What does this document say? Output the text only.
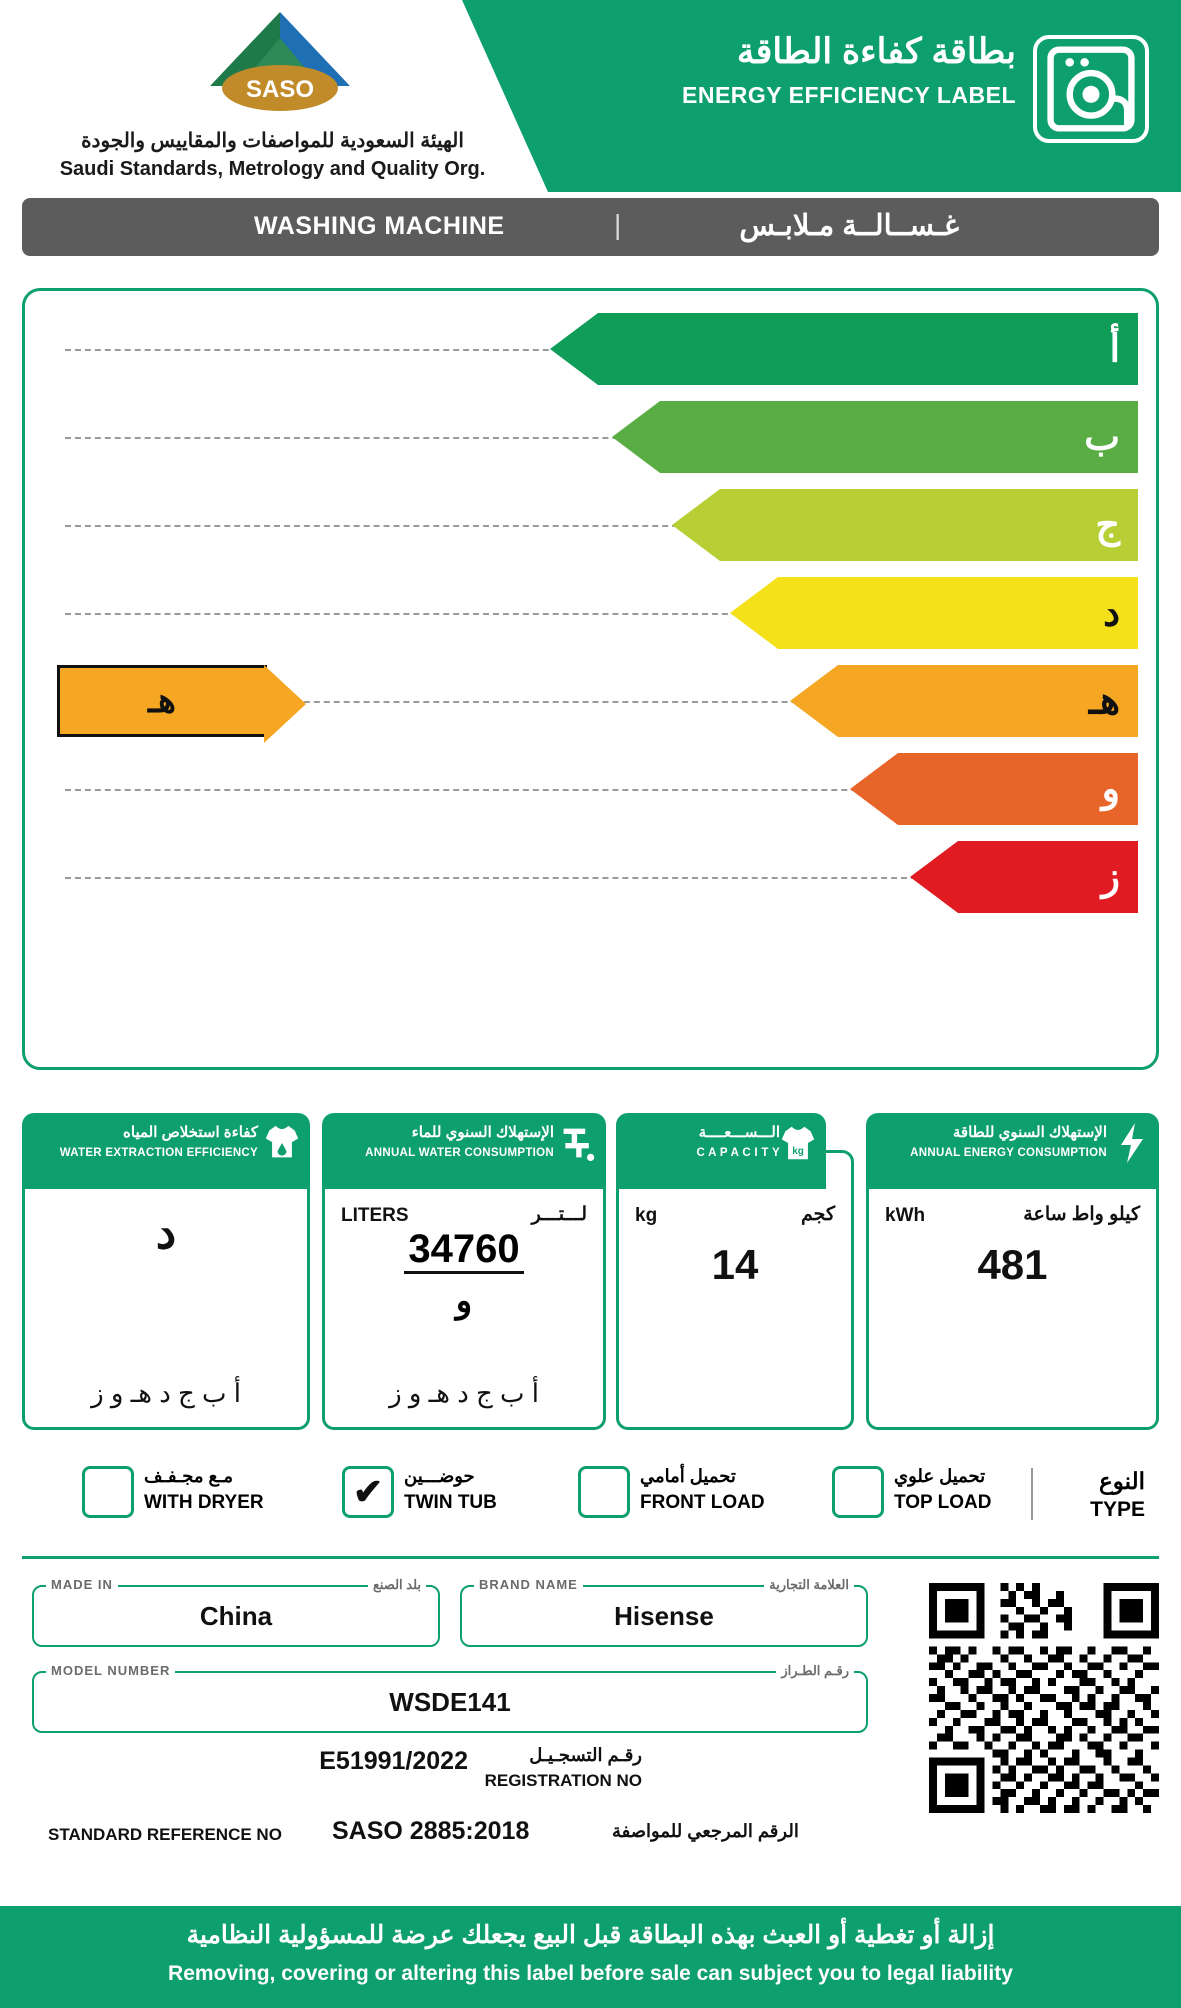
SASO
الهيئة السعودية للمواصفات والمقاييس والجودة
Saudi Standards, Metrology and Quality Org.
بطاقة كفاءة الطاقة
ENERGY EFFICIENCY LABEL
WASHING MACHINE	|	غـســالــة مـلابـس
أ
ب
ج
د
هـ	هـ
و
ز
الإستهلاك السنوي للطاقة
ANNUAL ENERGY CONSUMPTION
kWh	كيلو واط ساعة
481
الـــســـعــــة
C A P A C I T Y kg
kg	كجم
14
الإستهلاك السنوي للماء
ANNUAL WATER CONSUMPTION
LITERS	لـــتـــر
34760
و
أ ب ج د هـ و ز
كفاءة استخلاص المياه
WATER EXTRACTION EFFICIENCY
د
أ ب ج د هـ و ز
النوع
TYPE
تحميل علوي
TOP LOAD
تحميل أمامي
FRONT LOAD
✔ حوضـــين
TWIN TUB
مـع مجـفـف
WITH DRYER
MADE IN	بلد الصنع
China
BRAND NAME	العلامة التجارية
Hisense
MODEL NUMBER	رقـم الطـراز
WSDE141
رقـم التسجـيـل
REGISTRATION NO
E51991/2022
STANDARD REFERENCE NO SASO 2885:2018	الرقم المرجعي للمواصفة
إزالة أو تغطية أو العبث بهذه البطاقة قبل البيع يجعلك عرضة للمسؤولية النظامية
Removing, covering or altering this label before sale can subject you to legal liability
